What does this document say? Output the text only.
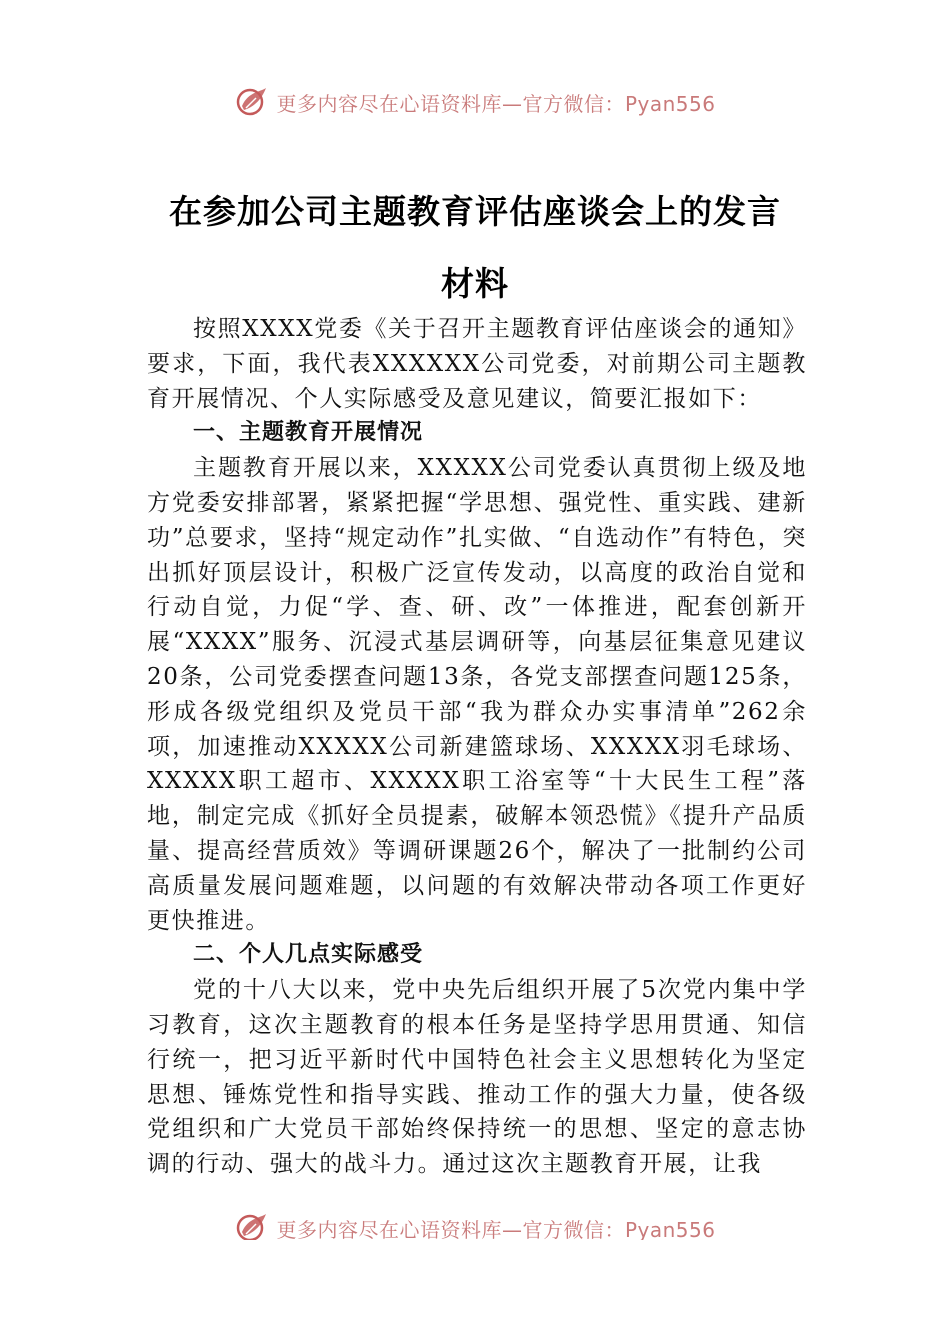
更多内容尽在心语资料库—官方微信：Pyan556
在参加公司主题教育评估座谈会上的发言
材料

按照XXXX党委《关于召开主题教育评估座谈会的通知》要求，下面，我代表XXXXXX公司党委，对前期公司主题教育开展情况、个人实际感受及意见建议，简要汇报如下：

一、主题教育开展情况

主题教育开展以来，XXXXX公司党委认真贯彻上级及地方党委安排部署，紧紧把握“学思想、强党性、重实践、建新功”总要求，坚持“规定动作”扎实做、“自选动作”有特色，突出抓好顶层设计，积极广泛宣传发动，以高度的政治自觉和行动自觉，力促“学、查、研、改”一体推进，配套创新开展“XXXX”服务、沉浸式基层调研等，向基层征集意见建议20条，公司党委摆查问题13条，各党支部摆查问题125条，形成各级党组织及党员干部“我为群众办实事清单”262余项，加速推动XXXXX公司新建篮球场、XXXXX羽毛球场、XXXXX职工超市、XXXXX职工浴室等“十大民生工程”落地，制定完成《抓好全员提素，破解本领恐慌》《提升产品质量、提高经营质效》等调研课题26个，解决了一批制约公司高质量发展问题难题，以问题的有效解决带动各项工作更好更快推进。

二、个人几点实际感受

党的十八大以来，党中央先后组织开展了5次党内集中学习教育，这次主题教育的根本任务是坚持学思用贯通、知信行统一，把习近平新时代中国特色社会主义思想转化为坚定思想、锤炼党性和指导实践、推动工作的强大力量，使各级党组织和广大党员干部始终保持统一的思想、坚定的意志协调的行动、强大的战斗力。通过这次主题教育开展，让我

更多内容尽在心语资料库—官方微信：Pyan556
